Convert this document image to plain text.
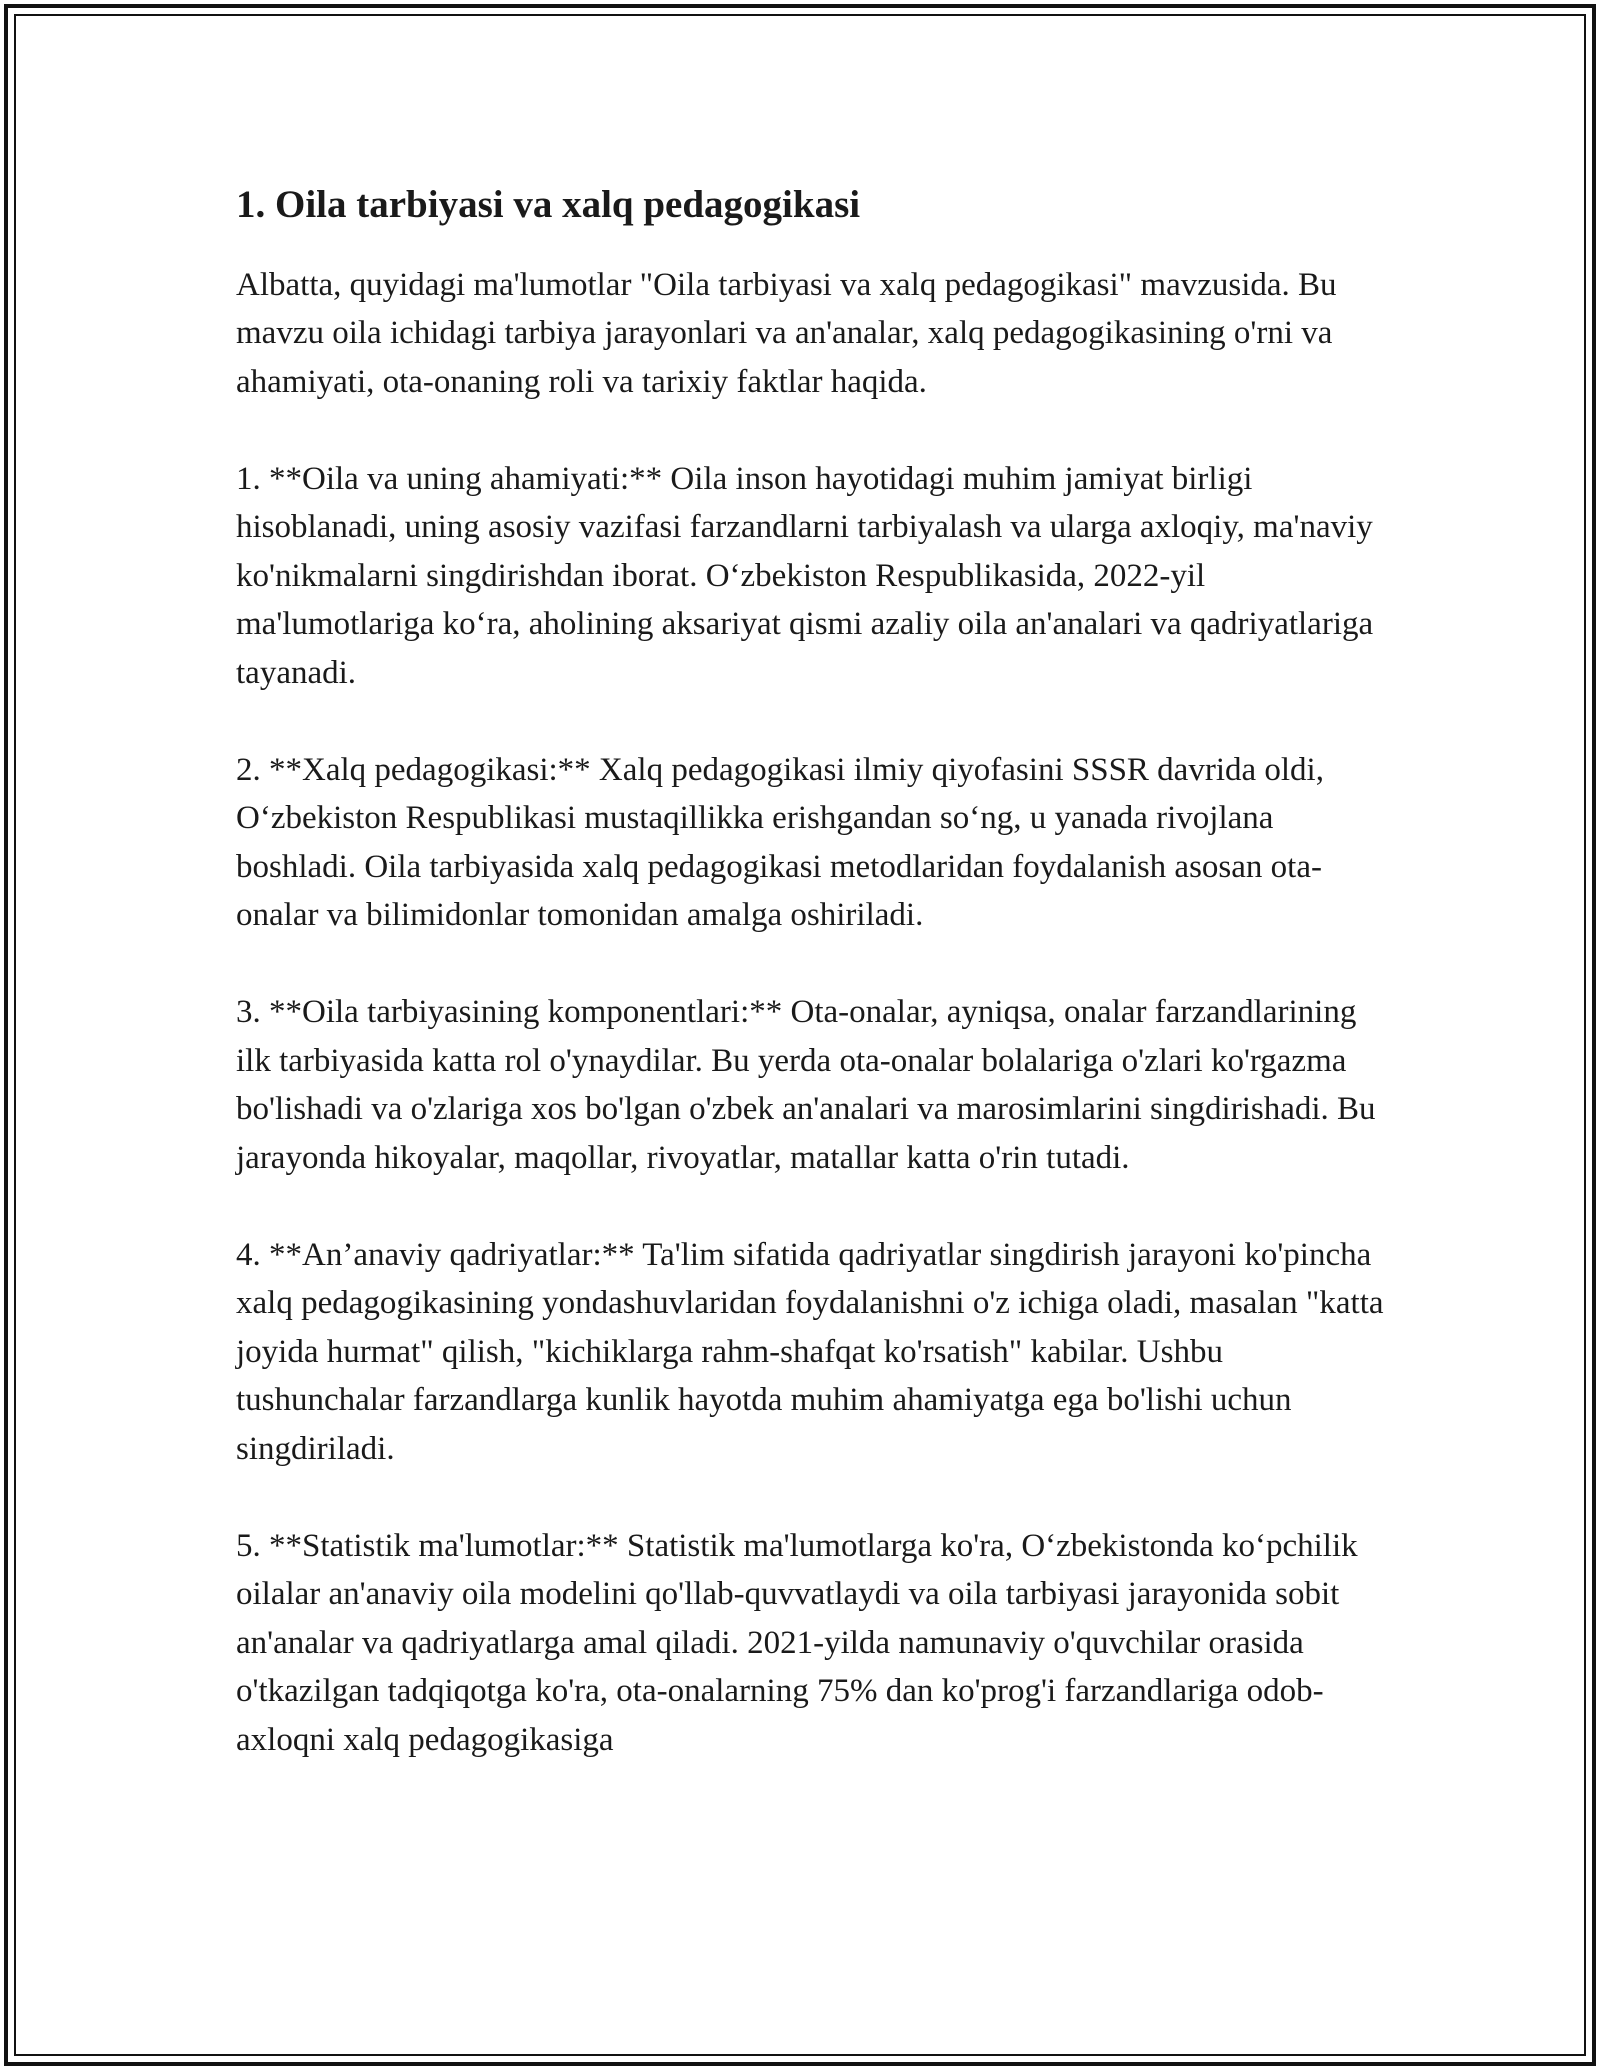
1. Oila tarbiyasi va xalq pedagogikasi

Albatta, quyidagi ma'lumotlar "Oila tarbiyasi va xalq pedagogikasi" mavzusida. Bu mavzu oila ichidagi tarbiya jarayonlari va an'analar, xalq pedagogikasining o'rni va ahamiyati, ota-onaning roli va tarixiy faktlar haqida.

1. **Oila va uning ahamiyati:** Oila inson hayotidagi muhim jamiyat birligi hisoblanadi, uning asosiy vazifasi farzandlarni tarbiyalash va ularga axloqiy, ma'naviy ko'nikmalarni singdirishdan iborat. O‘zbekiston Respublikasida, 2022-yil ma'lumotlariga ko‘ra, aholining aksariyat qismi azaliy oila an'analari va qadriyatlariga tayanadi.

2. **Xalq pedagogikasi:** Xalq pedagogikasi ilmiy qiyofasini SSSR davrida oldi, O‘zbekiston Respublikasi mustaqillikka erishgandan so‘ng, u yanada rivojlana boshladi. Oila tarbiyasida xalq pedagogikasi metodlaridan foydalanish asosan ota-onalar va bilimidonlar tomonidan amalga oshiriladi.

3. **Oila tarbiyasining komponentlari:** Ota-onalar, ayniqsa, onalar farzandlarining ilk tarbiyasida katta rol o'ynaydilar. Bu yerda ota-onalar bolalariga o'zlari ko'rgazma bo'lishadi va o'zlariga xos bo'lgan o'zbek an'analari va marosimlarini singdirishadi. Bu jarayonda hikoyalar, maqollar, rivoyatlar, matallar katta o'rin tutadi.

4. **An’anaviy qadriyatlar:** Ta'lim sifatida qadriyatlar singdirish jarayoni ko'pincha xalq pedagogikasining yondashuvlaridan foydalanishni o'z ichiga oladi, masalan "katta joyida hurmat" qilish, "kichiklarga rahm-shafqat ko'rsatish" kabilar. Ushbu tushunchalar farzandlarga kunlik hayotda muhim ahamiyatga ega bo'lishi uchun singdiriladi.

5. **Statistik ma'lumotlar:** Statistik ma'lumotlarga ko'ra, O‘zbekistonda ko‘pchilik oilalar an'anaviy oila modelini qo'llab-quvvatlaydi va oila tarbiyasi jarayonida sobit an'analar va qadriyatlarga amal qiladi. 2021-yilda namunaviy o'quvchilar orasida o'tkazilgan tadqiqotga ko'ra, ota-onalarning 75% dan ko'prog'i farzandlariga odob-axloqni xalq pedagogikasiga
